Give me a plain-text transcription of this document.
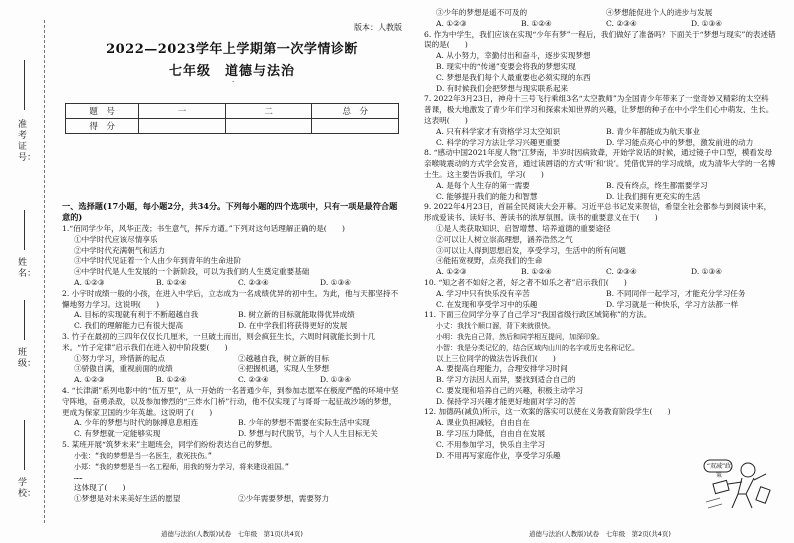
准考证号：
姓名：
班级：
学校：
版本：人教版
2022—2023学年上学期第一次学情诊断
七年级　道德与法治
·
题　号	一	二	总　分
得　分			
一、选择题(17小题，每小题2分，共34分。下列每小题的四个选项中，只有一项是最符合题意的)

1.“佰同学少年，风华正茂；书生意气，挥斥方遒。”下列对这句话理解正确的是(　　)

①中学时代应该尽情享乐
②中学时代充满朝气和活力
③中学时代见证着一个人由少年到青年的生命进阶
④中学时代是人生发展的一个新阶段，可以为我们的人生奠定重要基础
A. ①②③	B. ①②④	C. ②③④	D. ①③④

2. 小宇时成绩一般的小孩，在进入中学后，立志成为一名成绩优异的初中生。为此，他与天都坚持不懈地努力学习。这说明(　　)

A. 目标的实现就有利于不断超越自我	B. 树立新的目标就能取得优异成绩
C. 我们的理解能力已有很大提高	D. 在中学我们将获得更好的发展

3. 竹子在最初的三四年仅仅长几厘米，一旦破土而出，则会疯狂生长，六周时间就能长到十几米。“竹子定律”启示我们在进入初中阶段要(　　)

①努力学习，珍惜新的起点	②越越自我，树立新的目标
③骄傲自满，重视前面的成绩	④把握机遇，实现人生梦想
A. ①②③	B. ①②④	C. ②③④	D. ①③④

4. “长津湖”系列电影中的“伍万里”，从一开始的一名普通少年，到参加志愿军在极度严酷的环境中坚守阵地，奋勇杀敌，以及参加惨烈的“三炸水门桥”行动，他不仅实现了与哥哥一起征战沙场的梦想，更成为保家卫国的少年英雄。这说明了(　　)

A. 少年的梦想与时代的脉搏息息相连	B. 少年的梦想不需要在实际生活中实现
C. 有梦想就一定能够实现	D. 梦想与时代脱节，与个人人生目标无关

5. 某班开展“筑梦未来”主题班会，同学们纷纷表达自己的梦想。

小张：“我的梦想是当一名医生，救死扶伤。”
小郑：“我的梦想是当一名工程师，用我的努力学习，将来建设祖国。”
……
这体现了(　　)
①梦想是对未来美好生活的愿望	②少年需要梦想，需要努力
道德与法治(人教版)试卷　七年级　第1页(共4页)
③少年的梦想是遥不可及的	④梦想能促进个人的进步与发展
A. ①②③	B. ①②④	C. ②③④	D. ①③④

6. 作为中学生，我们应该在实现“少年有梦”一程后，我们做好了准备吗？下面关于“梦想与现实”的表述错误的是(　　)

A. 从小努力，幸勤付出和奋斗，逐步实现梦想
B. 现实中的“传递”变要会将我的梦想实现
C. 梦想是我们每个人最重要也必须实现的东西
D. 有时候我们会把梦想与现实联系起来

7. 2022年3月23日，神舟十三号飞行乘组3名“太空教师”为全国青少年带来了一堂奇妙又精彩的太空科普课，极大地激发了青少年们学习和探索未知世界的兴趣，让梦想的种子在中小学生们心中萌发、生长。这表明(　　)

A. 只有科学家才有资格学习太空知识	B. 青少年都能成为航天事业
C. 科学的学习方法让学习兴趣更重要	D. 学习能点亮心中的梦想，激发前进的动力

8. “感动中国2021年度人物”江梦南，半岁时因病致聋，开始学说话的时候，通过镜子中口型，模看发母亲喉咙震动的方式学会发音，通过读唇语的方式‘听’和‘说’。凭借优异的学习成绩，成为清华大学的一名博士生。这主要告诉我们，学习(　　)

A. 是每个人生存的第一需要	B. 没有终点，终生都需要学习
C. 能够提升我们的能力和智慧	D. 让我们拥有更充实的生活

9. 2022年4月23日，首届全民阅读大会开幕。习近平总书记发来贺信，希望全社会都参与到阅读中来，形成爱读书、读好书、善读书的浓厚氛围。读书的重要意义在于(　　)

①是人类获取知识、启智增慧、培养道德的重要途径
②可以让人树立崇高理想，涵养浩然之气
③可以让人得到思想启发，享受学习，生活中的所有问题
④能拓宽视野，点亮我们的生命
A. ①②③	B. ①②④	C. ②③④	D. ①③④

10. “知之者不如好之者，好之者不如乐之者”启示我们(　　)

A. 学习中只有快乐没有辛苦	B. 不同同伴一起学习，才能充分学习任务
C. 在发现和享受学习中的乐趣	D. 学习就是一种快乐，学习方法都一样

11. 下面三位同学分享了自己学习“我国省级行政区域简称”的方法。

小丈：我找个顺口溜，背下来就很快。
小明：我先自己背，然后和同学相互提问，加深印象。
小智：我是分类记忆的，结合区域内山川的名字或历史名称记忆。
以上三位同学的做法告诉我们(　　)
A. 要提高自理能力，合理安排学习时间
B. 学习方法因人而异，要找到适合自己的
C. 要发现和培养自己的兴趣，积极主动学习
D. 保持学习兴趣才能更好地面对学习的苦

12. 加德码(减负)所示，这一欢案的落实可以使在义务教育阶段学生(　　)

A. 课业负担减轻，自由自在
B. 学习压力降低，自由自在发展
C. 不用参加学习，快乐自主学习
D. 不用再写家庭作业，享受学习乐趣
“双减”政策
道德与法治(人教版)试卷　七年级　第2页(共4页)
